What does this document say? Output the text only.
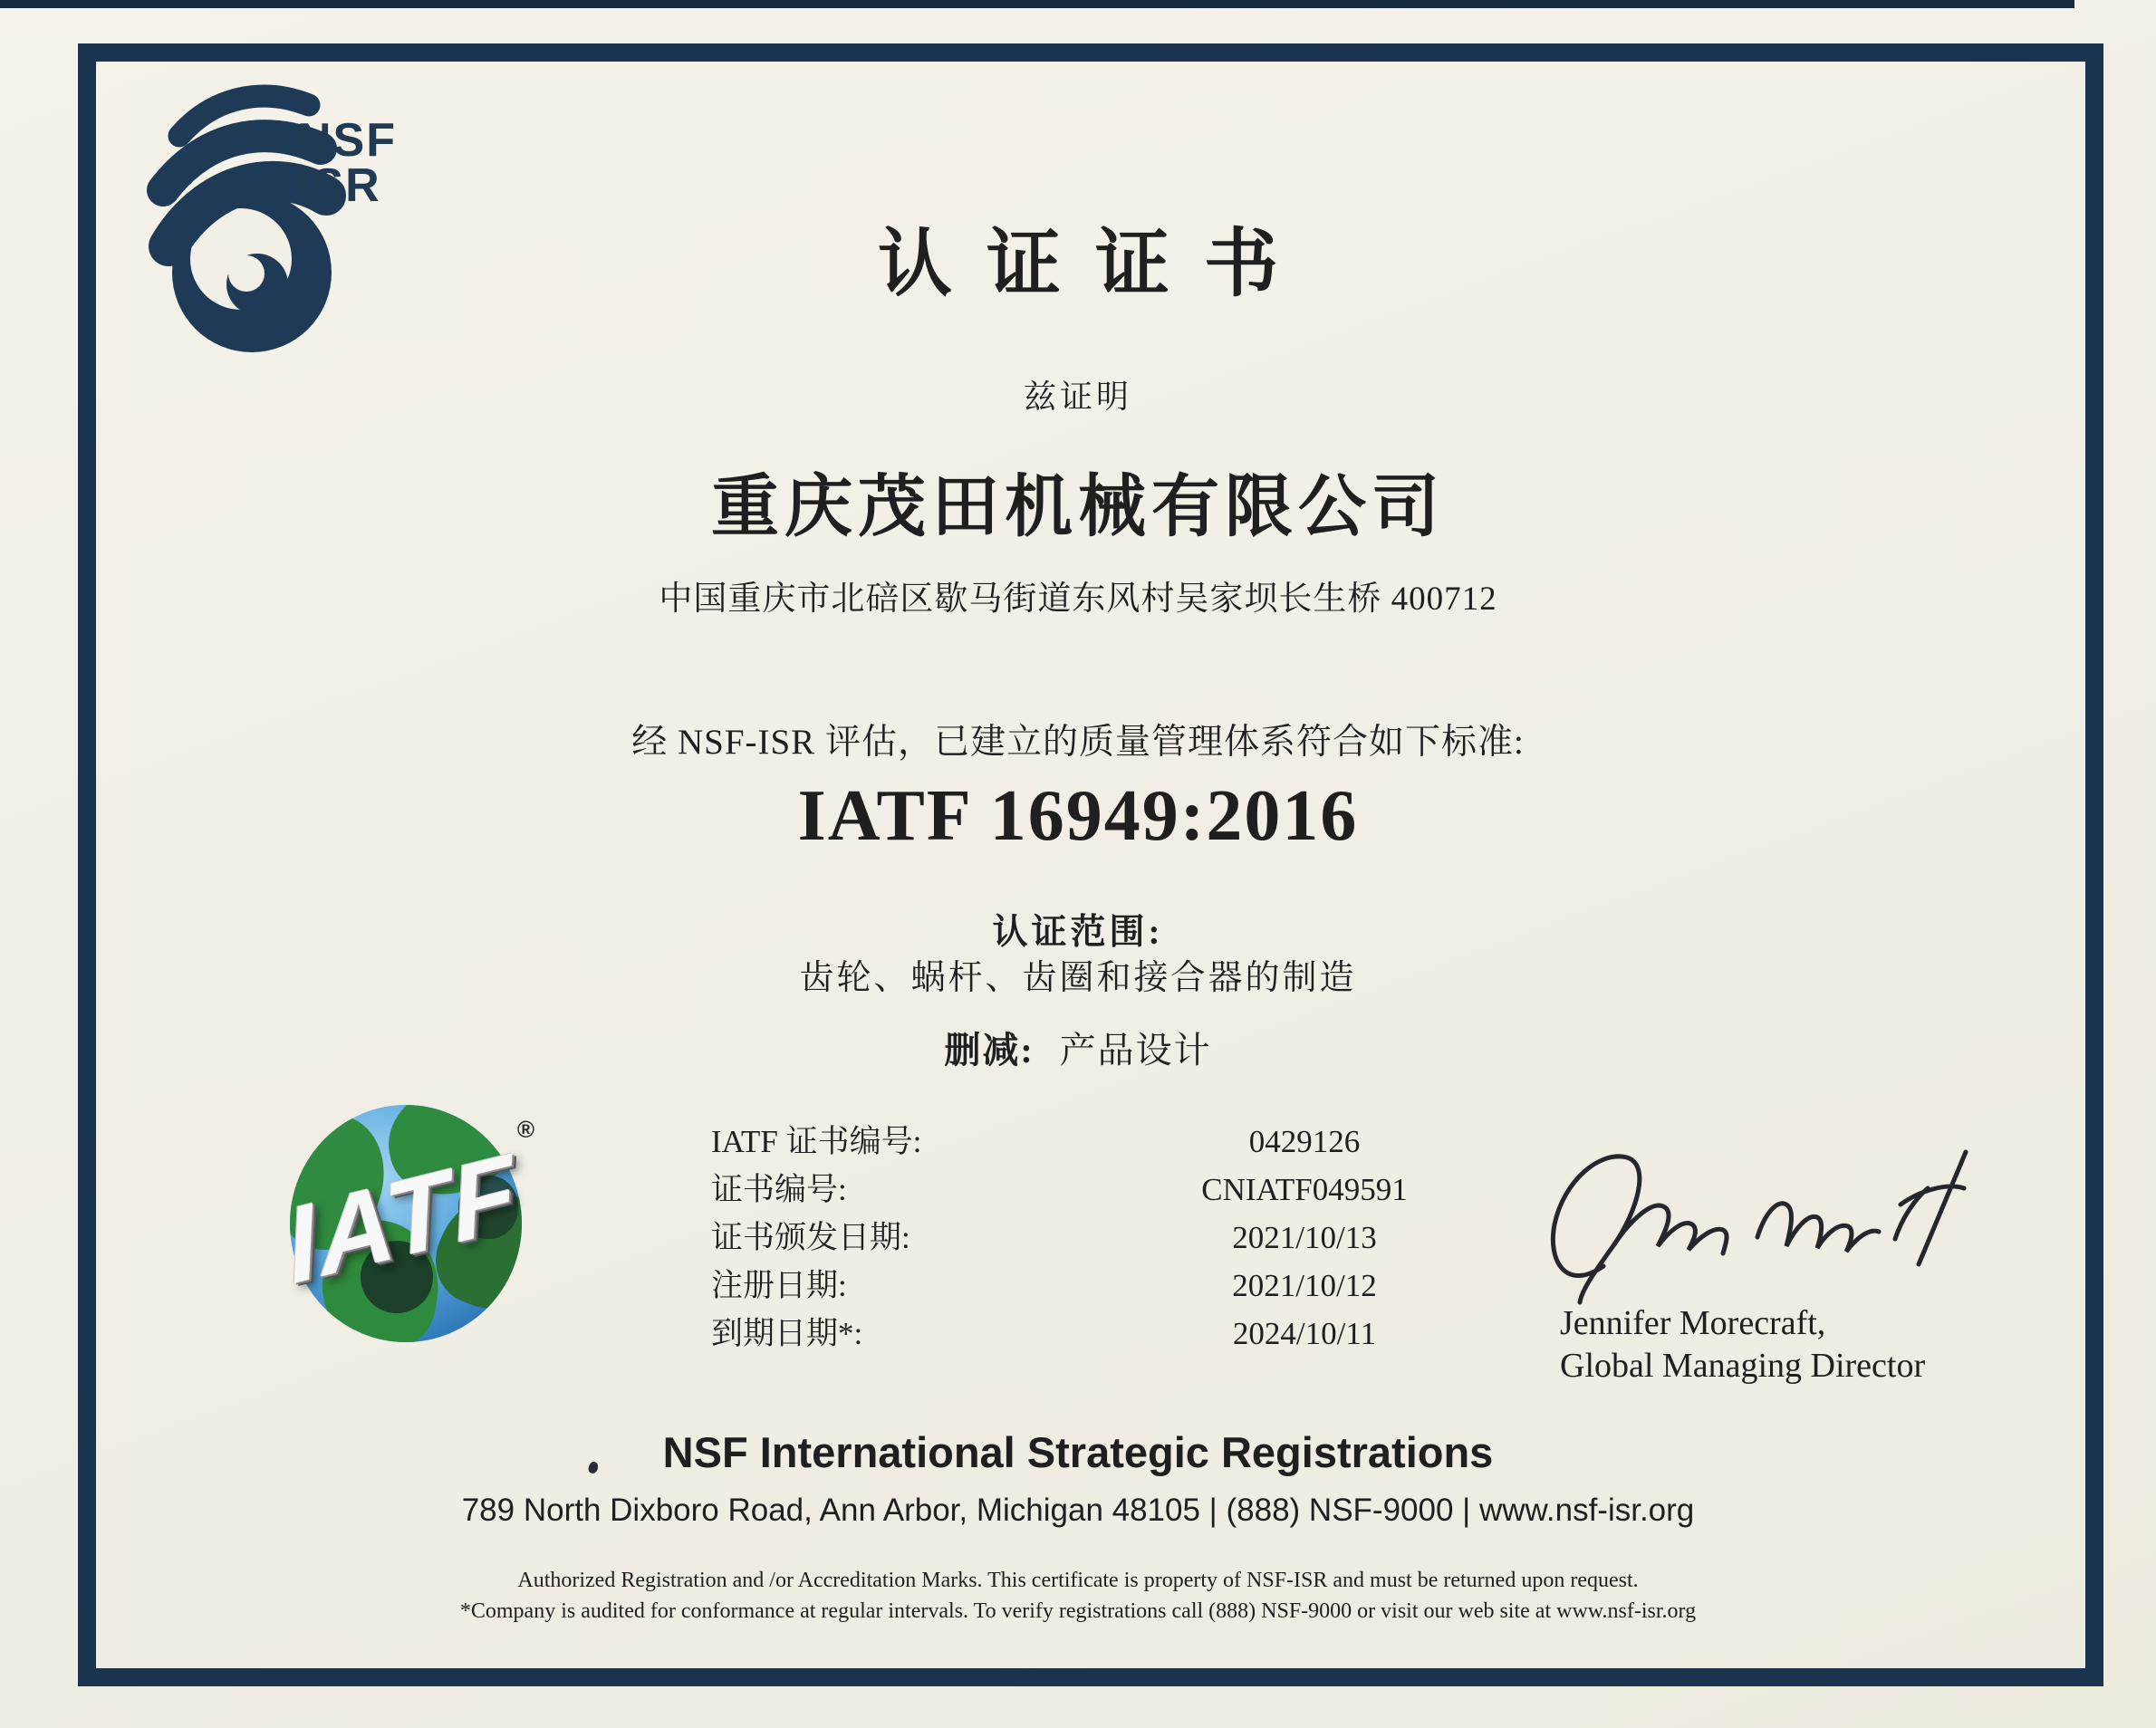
NSF
ISR
认证证书
兹证明
重庆茂田机械有限公司
中国重庆市北碚区歇马街道东风村吴家坝长生桥 400712
经 NSF-ISR 评估，已建立的质量管理体系符合如下标准:
IATF 16949:2016
认证范围:
齿轮、蜗杆、齿圈和接合器的制造
删减: 产品设计
IATF 证书编号:	0429126
证书编号:	CNIATF049591
证书颁发日期:	2021/10/13
注册日期:	2021/10/12
到期日期*:	2024/10/11
IATF
®
Jennifer Morecraft,
Global Managing Director
NSF International Strategic Registrations
789 North Dixboro Road, Ann Arbor, Michigan 48105 | (888) NSF-9000 | www.nsf-isr.org
Authorized Registration and /or Accreditation Marks. This certificate is property of NSF-ISR and must be returned upon request.
*Company is audited for conformance at regular intervals. To verify registrations call (888) NSF-9000 or visit our web site at www.nsf-isr.org
